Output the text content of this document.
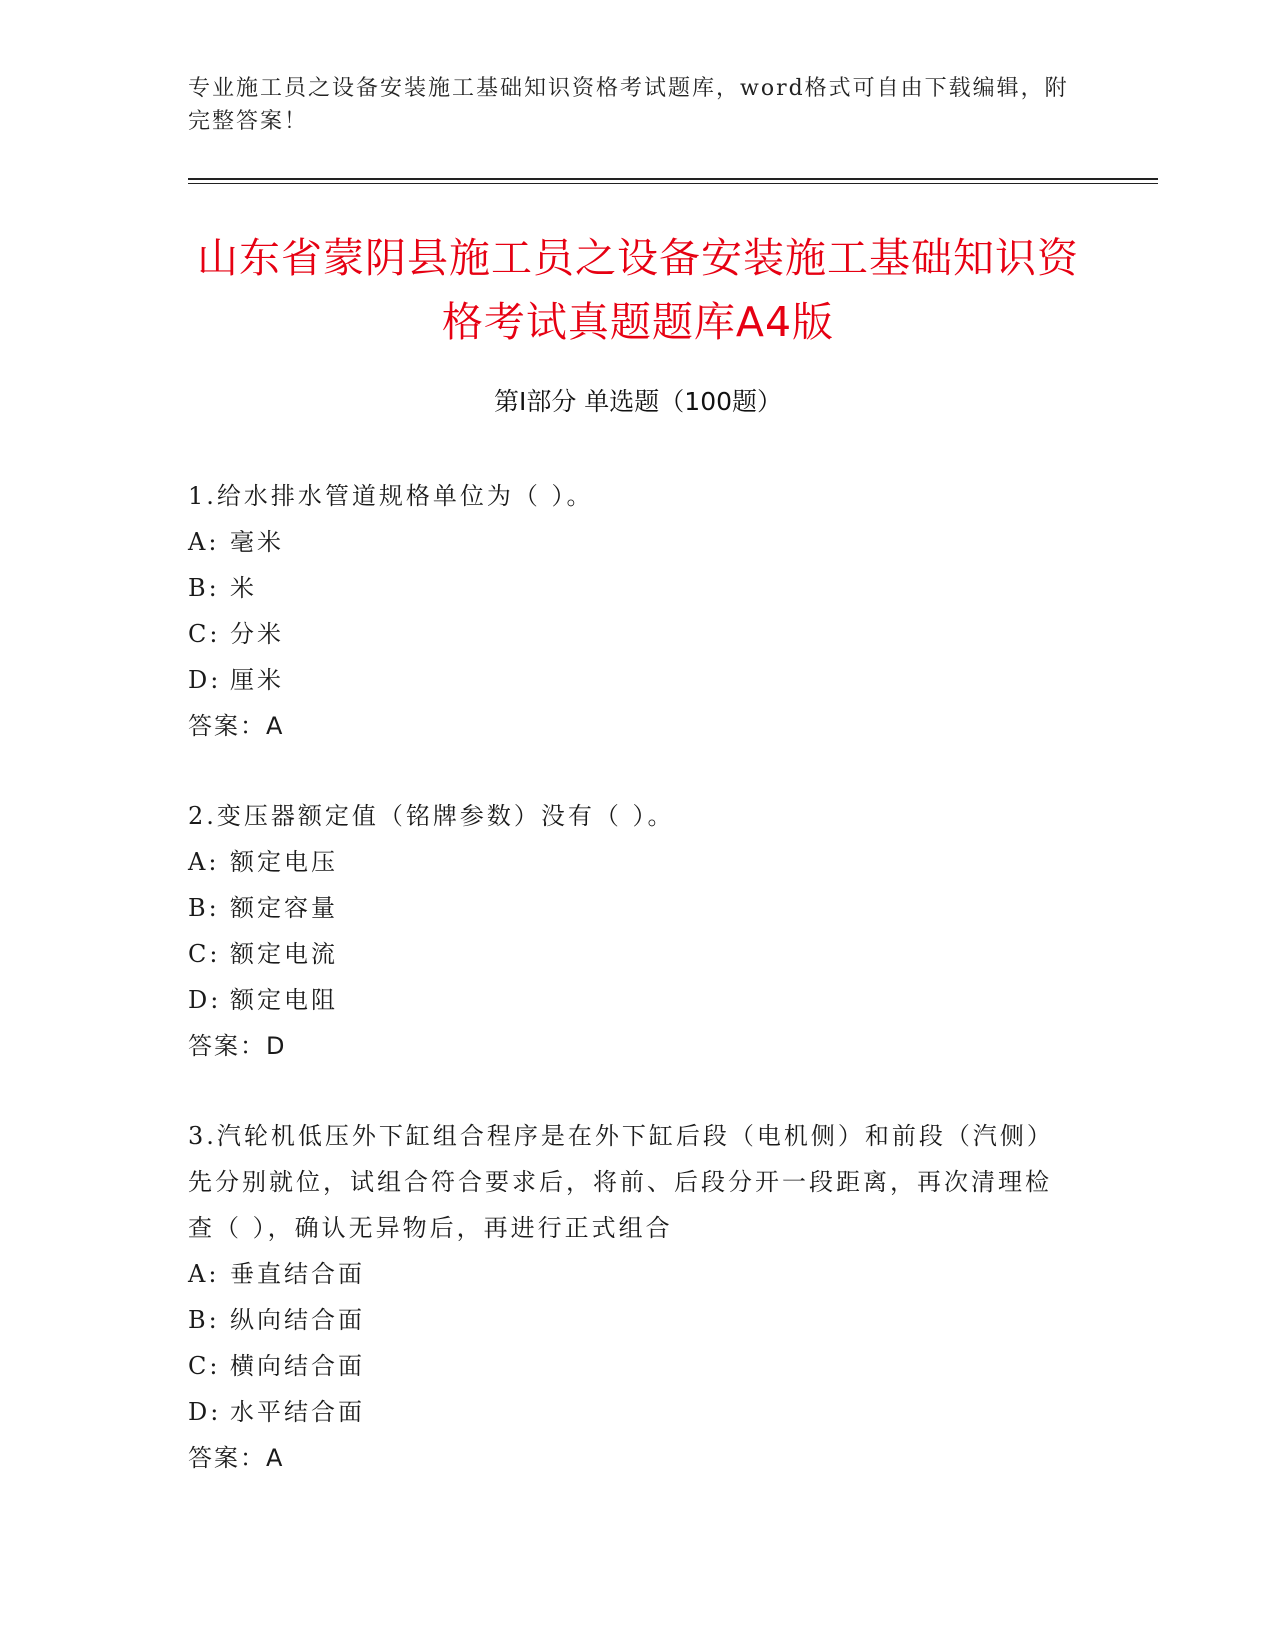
专业施工员之设备安装施工基础知识资格考试题库，word格式可自由下载编辑，附完整答案！
山东省蒙阴县施工员之设备安装施工基础知识资格考试真题题库A4版
第I部分 单选题（100题）
1.给水排水管道规格单位为（ ）。
A: 毫米
B: 米
C: 分米
D: 厘米
答案：A
2.变压器额定值（铭牌参数）没有（ ）。
A: 额定电压
B: 额定容量
C: 额定电流
D: 额定电阻
答案：D
3.汽轮机低压外下缸组合程序是在外下缸后段（电机侧）和前段（汽侧）先分别就位，试组合符合要求后，将前、后段分开一段距离，再次清理检查（ ），确认无异物后，再进行正式组合
A: 垂直结合面
B: 纵向结合面
C: 横向结合面
D: 水平结合面
答案：A
